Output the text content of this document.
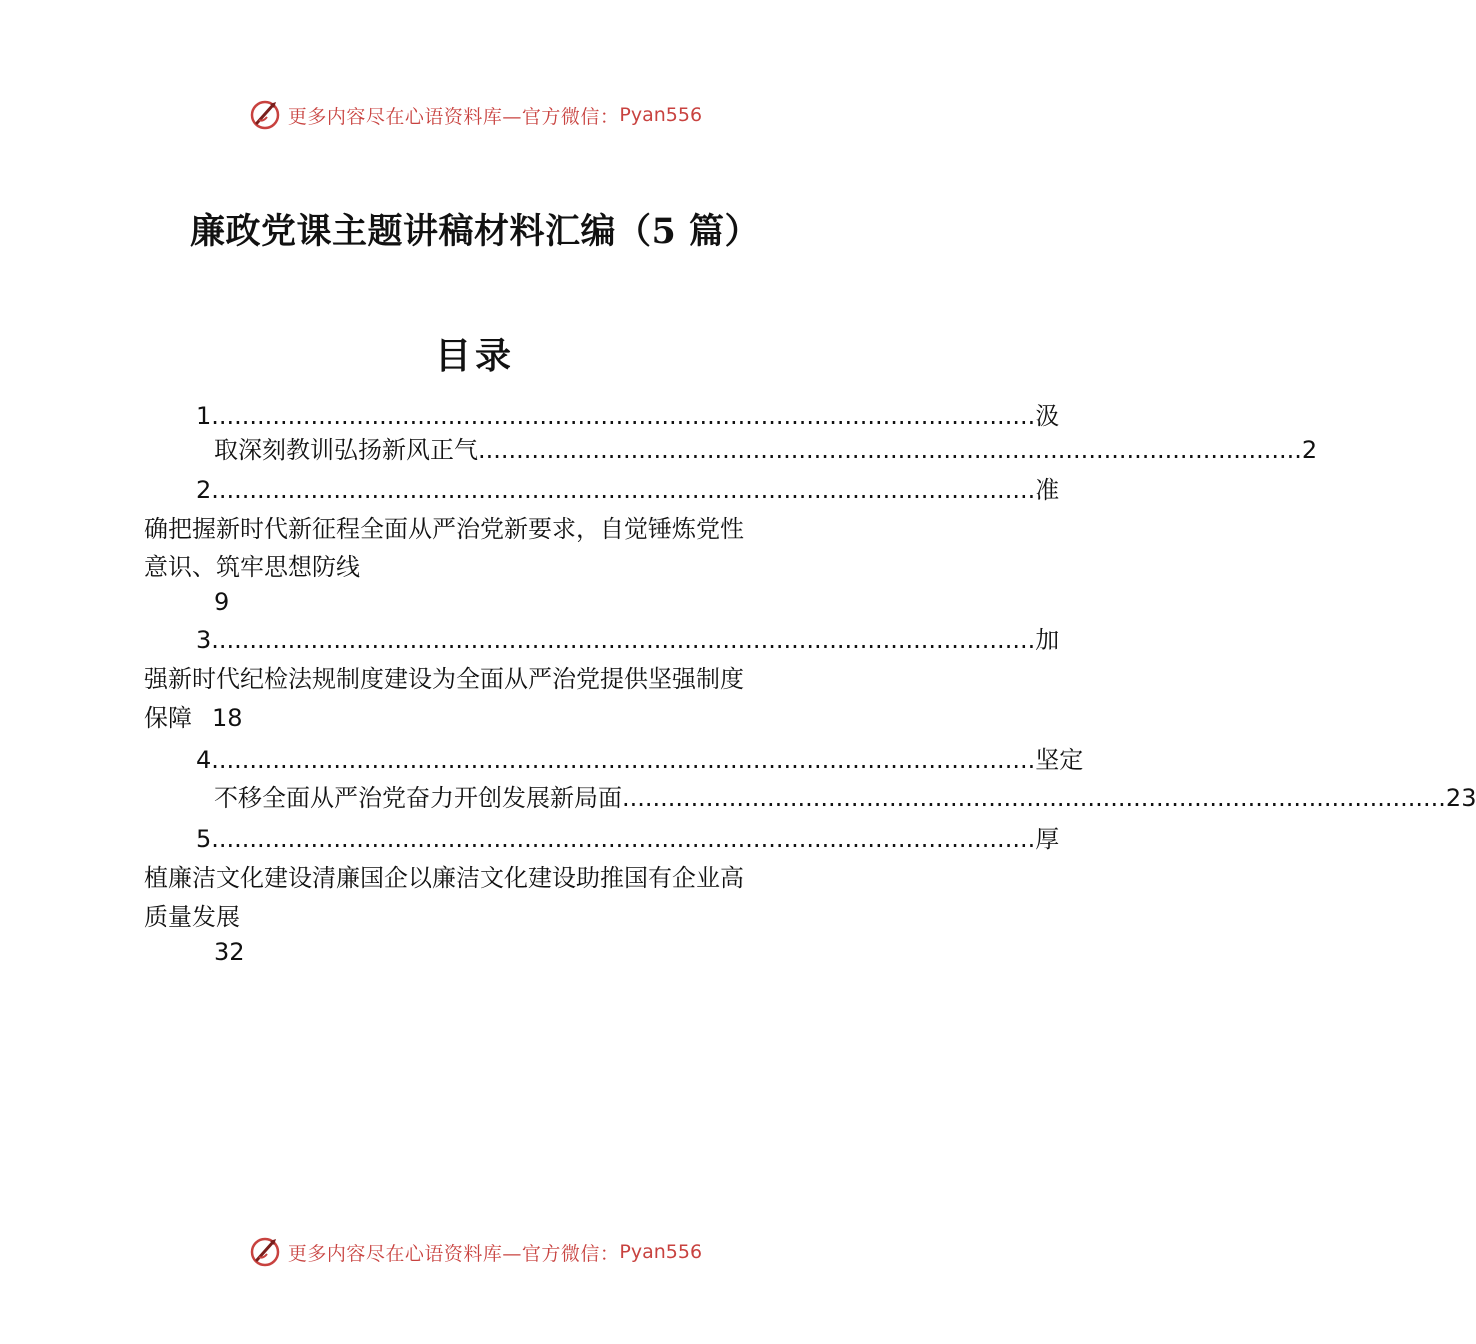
更多内容尽在心语资料库—官方微信： Pyan556
廉政党课主题讲稿材料汇编（5 篇）
目录
1 ............................................................................................................ 汲
取深刻教训弘扬新风正气 ............................................................................................................ 2
2 ............................................................................................................ 准
确把握新时代新征程全面从严治党新要求，自觉锤炼党性
意识、筑牢思想防线
9
3 ............................................................................................................ 加
强新时代纪检法规制度建设为全面从严治党提供坚强制度
保障 18
4 ............................................................................................................ 坚定
不移全面从严治党奋力开创发展新局面 ............................................................................................................ 23
5 ............................................................................................................ 厚
植廉洁文化建设清廉国企以廉洁文化建设助推国有企业高
质量发展
32
更多内容尽在心语资料库—官方微信： Pyan556
